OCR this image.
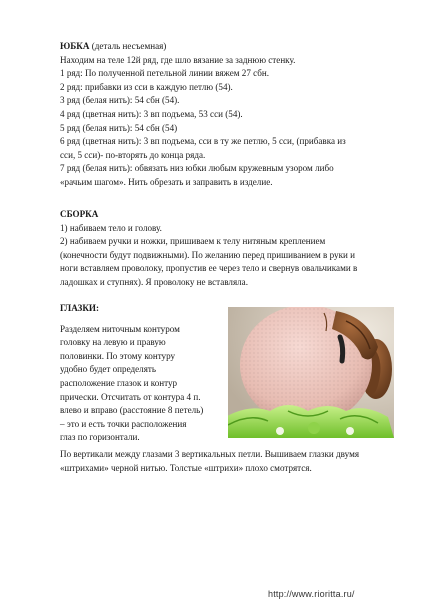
ЮБКА (деталь несъемная)
Находим на теле 12й ряд, где шло вязание за заднюю стенку.
1 ряд: По полученной петельной линии вяжем 27 сбн.
2 ряд: прибавки из сси в каждую петлю (54).
3 ряд (белая нить): 54 сбн (54).
4 ряд (цветная нить): 3 вп подъема, 53 сси (54).
5 ряд (белая нить): 54 сбн (54)
6 ряд (цветная нить): 3 вп подъема, сси в ту же петлю, 5 сси, (прибавка из
сси, 5 сси)- по-вторять до конца ряда.
7 ряд (белая нить): обвязать низ юбки любым кружевным узором либо
«рачьим шагом». Нить обрезать и заправить в изделие.
СБОРКА
1) набиваем тело и голову.
2) набиваем ручки и ножки, пришиваем к телу нитяным креплением
(конечности будут подвижными). По желанию перед пришиванием в руки и
ноги вставляем проволоку, пропустив ее через тело и свернув овальчиками в
ладошках и ступнях). Я проволоку не вставляла.
ГЛАЗКИ:
Разделяем ниточным контуром
головку на левую и правую
половинки. По этому контуру
удобно будет определять
расположение глазок и контур
прически. Отсчитать от контура 4 п.
влево и вправо (расстояние 8 петель)
– это и есть точки расположения
глаз по горизонтали.
По вертикали между глазами 3 вертикальных петли. Вышиваем глазки двумя
«штрихами» черной нитью. Толстые «штрихи» плохо смотрятся.
http://www.rioritta.ru/
